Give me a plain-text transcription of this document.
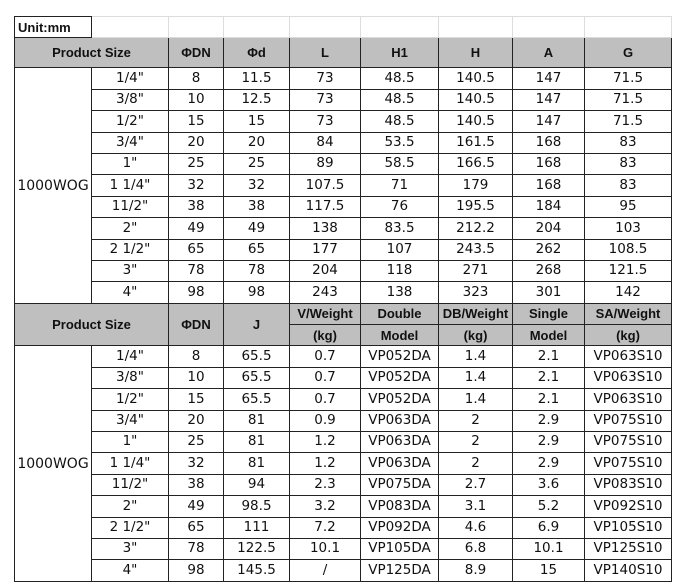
Unit:mm								
Product Size		ΦDN	Φd	L	H1	H	A	G
1000WOG	1/4"	8	11.5	73	48.5	140.5	147	71.5
	3/8"	10	12.5	73	48.5	140.5	147	71.5
	1/2"	15	15	73	48.5	140.5	147	71.5
	3/4"	20	20	84	53.5	161.5	168	83
	1"	25	25	89	58.5	166.5	168	83
	1 1/4"	32	32	107.5	71	179	168	83
	11/2"	38	38	117.5	76	195.5	184	95
	2"	49	49	138	83.5	212.2	204	103
	2 1/2"	65	65	177	107	243.5	262	108.5
	3"	78	78	204	118	271	268	121.5
	4"	98	98	243	138	323	301	142
Product Size		ΦDN	J	V/Weight	Double	DB/Weight	Single	SA/Weight
				(kg)	Model	(kg)	Model	(kg)
1000WOG	1/4"	8	65.5	0.7	VP052DA	1.4	2.1	VP063S10
	3/8"	10	65.5	0.7	VP052DA	1.4	2.1	VP063S10
	1/2"	15	65.5	0.7	VP052DA	1.4	2.1	VP063S10
	3/4"	20	81	0.9	VP063DA	2	2.9	VP075S10
	1"	25	81	1.2	VP063DA	2	2.9	VP075S10
	1 1/4"	32	81	1.2	VP063DA	2	2.9	VP075S10
	11/2"	38	94	2.3	VP075DA	2.7	3.6	VP083S10
	2"	49	98.5	3.2	VP083DA	3.1	5.2	VP092S10
	2 1/2"	65	111	7.2	VP092DA	4.6	6.9	VP105S10
	3"	78	122.5	10.1	VP105DA	6.8	10.1	VP125S10
	4"	98	145.5	/	VP125DA	8.9	15	VP140S10
